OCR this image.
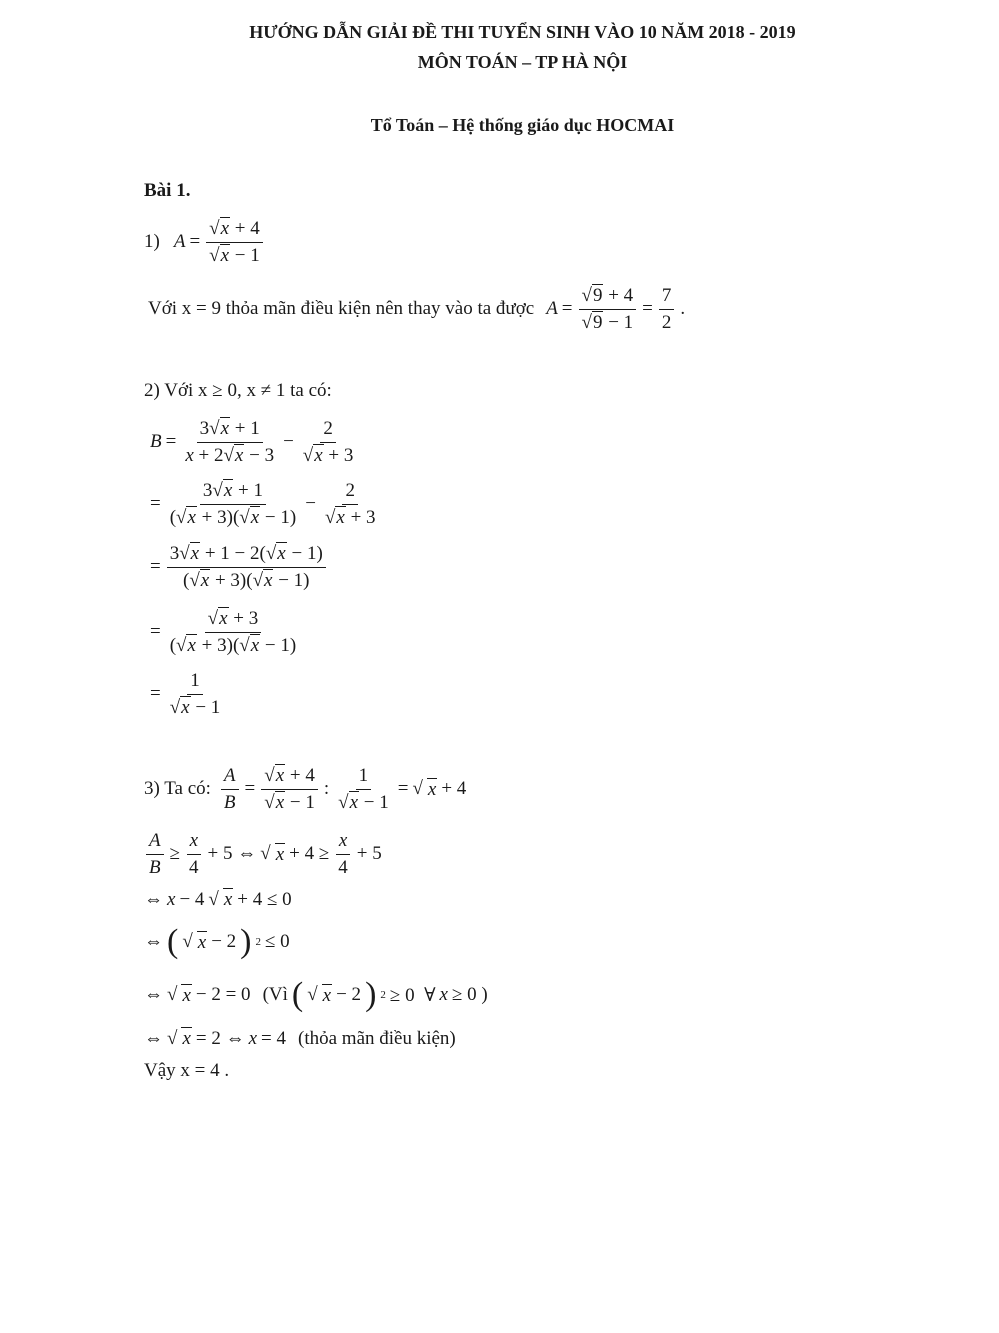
HƯỚNG DẪN GIẢI ĐỀ THI TUYỂN SINH VÀO 10 NĂM 2018 - 2019
MÔN TOÁN – TP HÀ NỘI
Tổ Toán – Hệ thống giáo dục HOCMAI
Bài 1.
1) $A = \frac{√x + 4}{√x - 1}$
Với x = 9 thỏa mãn điều kiện nên thay vào ta được $A = \frac{√9 + 4}{√9 - 1} = \frac{7}{2}$ .
2) Với x ≥ 0, x ≠ 1 ta có:
$B = \frac{3√x + 1}{x + 2√x - 3} - \frac{2}{√x + 3}$
= $\frac{3√x + 1}{(√x + 3)(√x - 1)} - \frac{2}{√x + 3}$
= $\frac{3√x + 1 - 2(√x - 1)}{(√x + 3)(√x - 1)}$
= $\frac{√x + 3}{(√x + 3)(√x - 1)}$
= $\frac{1}{√x - 1}$
3) Ta có: $\frac{A}{B} = \frac{√x + 4}{√x - 1}$ : $\frac{1}{√x - 1}$ = √ x + 4
$\frac{A}{B} \ge \frac{x}{4} + 5$ ⇔ √ $x + 4 \ge \frac{x}{4} + 5$
⇔ x − 4 √ x + 4 ≤ 0
⇔ ( √ x − 2 ) 2 ≤ 0
⇔ √ x − 2 = 0 (Vì ( √ x − 2 ) 2 ≥ 0  ∀ x ≥ 0 )
⇔ √ x = 2 ⇔ x = 4 (thỏa mãn điều kiện)
Vậy x = 4 .
